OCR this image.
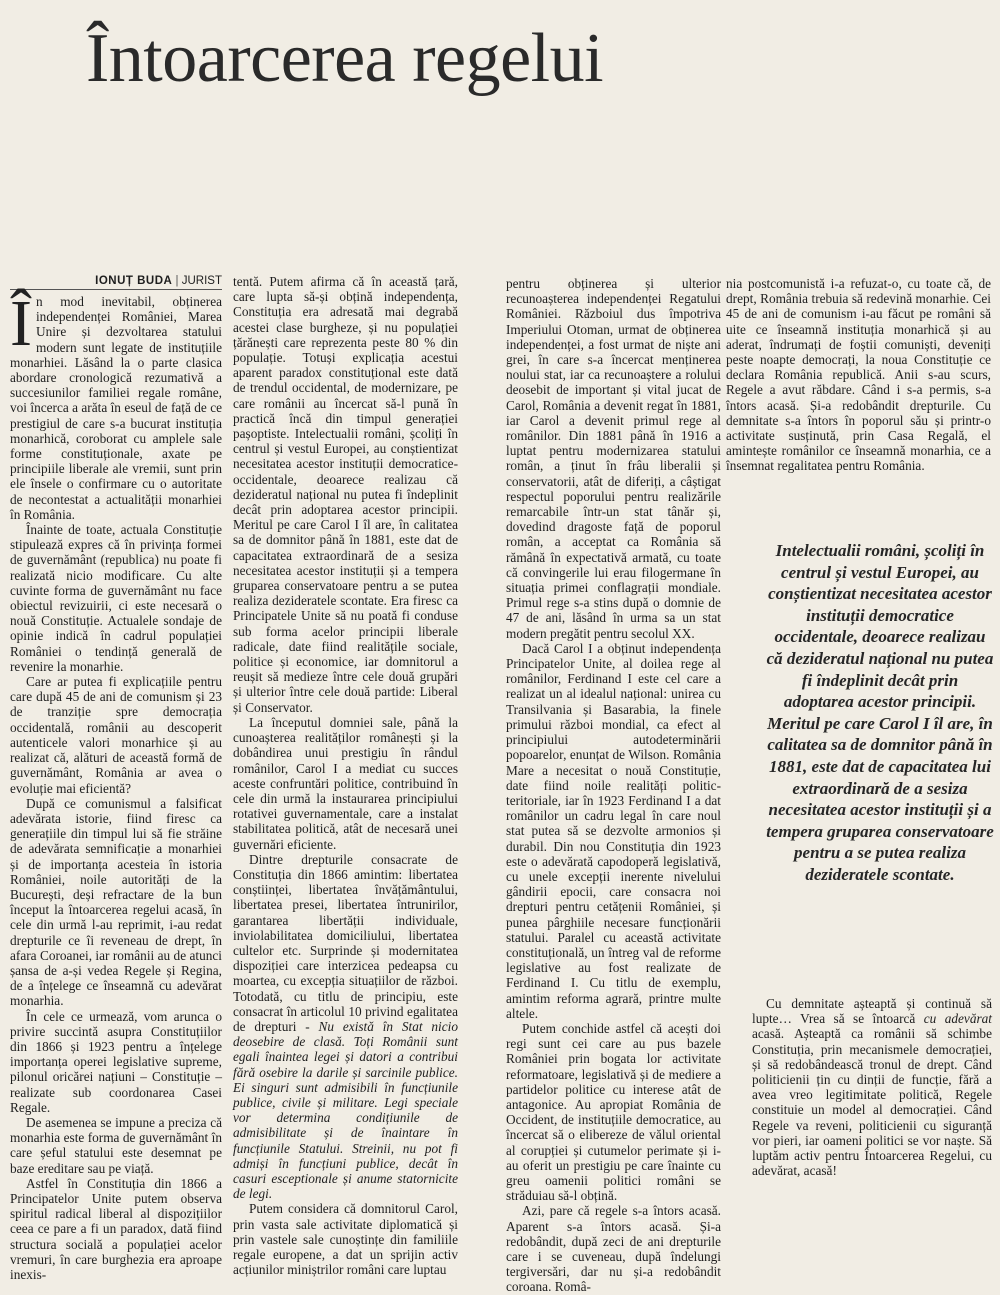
Întoarcerea regelui
IONUȚ BUDA | JURIST

În mod inevitabil, obținerea independenței României, Marea Unire și dezvoltarea statului modern sunt legate de instituțiile monarhiei. Lăsând la o parte clasica abordare cronologică rezumativă a succesiunilor familiei regale române, voi încerca a arăta în eseul de față de ce prestigiul de care s-a bucurat instituția monarhică, coroborat cu amplele sale forme constituționale, axate pe principiile liberale ale vremii, sunt prin ele însele o confirmare cu o autoritate de necontestat a actualității monarhiei în România.

Înainte de toate, actuala Constituție stipulează expres că în privința formei de guvernământ (republica) nu poate fi realizată nicio modificare. Cu alte cuvinte forma de guvernământ nu face obiectul revizuirii, ci este necesară o nouă Constituție. Actualele sondaje de opinie indică în cadrul populației României o tendință generală de revenire la monarhie.

Care ar putea fi explicațiile pentru care după 45 de ani de comunism și 23 de tranziție spre democrația occidentală, românii au descoperit autenticele valori monarhice și au realizat că, alături de această formă de guvernământ, România ar avea o evoluție mai eficientă?

După ce comunismul a falsificat adevărata istorie, fiind firesc ca generațiile din timpul lui să fie străine de adevărata semnificație a monarhiei și de importanța acesteia în istoria României, noile autorități de la București, deși refractare de la bun început la întoarcerea regelui acasă, în cele din urmă l-au reprimit, i-au redat drepturile ce îi reveneau de drept, în afara Coroanei, iar românii au de atunci șansa de a-și vedea Regele și Regina, de a înțelege ce înseamnă cu adevărat monarhia.

În cele ce urmează, vom arunca o privire succintă asupra Constituțiilor din 1866 și 1923 pentru a înțelege importanța operei legislative supreme, pilonul oricărei națiuni – Constituție – realizate sub coordonarea Casei Regale.

De asemenea se impune a preciza că monarhia este forma de guvernământ în care șeful statului este desemnat pe baze ereditare sau pe viață.

Astfel în Constituția din 1866 a Principatelor Unite putem observa spiritul radical liberal al dispozițiilor ceea ce pare a fi un paradox, dată fiind structura socială a populației acelor vremuri, în care burghezia era aproape inexis-

tentă. Putem afirma că în această țară, care lupta să-și obțină independența, Constituția era adresată mai degrabă acestei clase burgheze, și nu populației țărănești care reprezenta peste 80 % din populație. Totuși explicația acestui aparent paradox constituțional este dată de trendul occidental, de modernizare, pe care românii au încercat să-l pună în practică încă din timpul generației pașoptiste. Intelectualii români, școliți în centrul și vestul Europei, au conștientizat necesitatea acestor instituții democratice-occidentale, deoarece realizau că dezideratul național nu putea fi îndeplinit decât prin adoptarea acestor principii. Meritul pe care Carol I îl are, în calitatea sa de domnitor până în 1881, este dat de capacitatea extraordinară de a sesiza necesitatea acestor instituții și a tempera gruparea conservatoare pentru a se putea realiza dezideratele scontate. Era firesc ca Principatele Unite să nu poată fi conduse sub forma acelor principii liberale radicale, date fiind realitățile sociale, politice și economice, iar domnitorul a reușit să medieze între cele două grupări și ulterior între cele două partide: Liberal și Conservator.

La începutul domniei sale, până la cunoașterea realităților românești și la dobândirea unui prestigiu în rândul românilor, Carol I a mediat cu succes aceste confruntări politice, contribuind în cele din urmă la instaurarea principiului rotativei guvernamentale, care a instalat stabilitatea politică, atât de necesară unei guvernări eficiente.

Dintre drepturile consacrate de Constituția din 1866 amintim: libertatea conștiinței, libertatea învățământului, libertatea presei, libertatea întrunirilor, garantarea libertății individuale, inviolabilitatea domiciliului, libertatea cultelor etc. Surprinde și modernitatea dispoziției care interzicea pedeapsa cu moartea, cu excepția situațiilor de război. Totodată, cu titlu de principiu, este consacrat în articolul 10 privind egalitatea de drepturi - Nu există în Stat nicio deosebire de clasă. Toți Românii sunt egali înaintea legei și datori a contribui fără osebire la darile și sarcinile publice. Ei singuri sunt admisibili în funcțiunile publice, civile și militare. Legi speciale vor determina condițiunile de admisibilitate și de înaintare în funcțiunile Statului. Streinii, nu pot fi admiși în funcțiuni publice, decât în casuri esceptionale și anume statornicite de legi.

Putem considera că domnitorul Carol, prin vasta sale activitate diplomatică și prin vastele sale cunoștințe din familiile regale europene, a dat un sprijin activ acțiunilor miniștrilor români care luptau

pentru obținerea și ulterior recunoașterea independenței Regatului României. Războiul dus împotriva Imperiului Otoman, urmat de obținerea independenței, a fost urmat de niște ani grei, în care s-a încercat menținerea noului stat, iar ca recunoaștere a rolului deosebit de important și vital jucat de Carol, România a devenit regat în 1881, iar Carol a devenit primul rege al românilor. Din 1881 până în 1916 a luptat pentru modernizarea statului român, a ținut în frâu liberalii și conservatorii, atât de diferiți, a câștigat respectul poporului pentru realizările remarcabile într-un stat tânăr și, dovedind dragoste față de poporul român, a acceptat ca România să rămână în expectativă armată, cu toate că convingerile lui erau filogermane în situația primei conflagrații mondiale. Primul rege s-a stins după o domnie de 47 de ani, lăsând în urma sa un stat modern pregătit pentru secolul XX.

Dacă Carol I a obținut independența Principatelor Unite, al doilea rege al românilor, Ferdinand I este cel care a realizat un al idealul național: unirea cu Transilvania și Basarabia, la finele primului război mondial, ca efect al principiului autodeterminării popoarelor, enunțat de Wilson. România Mare a necesitat o nouă Constituție, date fiind noile realități politic-teritoriale, iar în 1923 Ferdinand I a dat românilor un cadru legal în care noul stat putea să se dezvolte armonios și durabil. Din nou Constituția din 1923 este o adevărată capodoperă legislativă, cu unele excepții inerente nivelului gândirii epocii, care consacra noi drepturi pentru cetățenii României, și punea pârghiile necesare funcționării statului. Paralel cu această activitate constituțională, un întreg val de reforme legislative au fost realizate de Ferdinand I. Cu titlu de exemplu, amintim reforma agrară, printre multe altele.

Putem conchide astfel că acești doi regi sunt cei care au pus bazele României prin bogata lor activitate reformatoare, legislativă și de mediere a partidelor politice cu interese atât de antagonice. Au apropiat România de Occident, de instituțiile democratice, au încercat să o elibereze de vălul oriental al corupției și cutumelor perimate și i-au oferit un prestigiu pe care înainte cu greu oamenii politici români se străduiau să-l obțină.

Azi, pare că regele s-a întors acasă. Aparent s-a întors acasă. Și-a redobândit, după zeci de ani drepturile care i se cuveneau, după îndelungi tergiversări, dar nu și-a redobândit coroana. Româ-

nia postcomunistă i-a refuzat-o, cu toate că, de drept, România trebuia să redevină monarhie. Cei 45 de ani de comunism i-au făcut pe români să uite ce înseamnă instituția monarhică și au aderat, îndrumați de foștii comuniști, deveniți peste noapte democrați, la noua Constituție ce declara România republică. Anii s-au scurs, Regele a avut răbdare. Când i s-a permis, s-a întors acasă. Și-a redobândit drepturile. Cu demnitate s-a întors în poporul său și printr-o activitate susținută, prin Casa Regală, el amintește românilor ce înseamnă monarhia, ce a însemnat regalitatea pentru România.

Intelectualii români, școliți în centrul și vestul Europei, au conștientizat necesitatea acestor instituții democratice occidentale, deoarece realizau că dezideratul național nu putea fi îndeplinit decât prin adoptarea acestor principii. Meritul pe care Carol I îl are, în calitatea sa de domnitor până în 1881, este dat de capacitatea lui extraordinară de a sesiza necesitatea acestor instituții și a tempera gruparea conservatoare pentru a se putea realiza dezideratele scontate.

Cu demnitate așteaptă și continuă să lupte… Vrea să se întoarcă cu adevărat acasă. Așteaptă ca românii să schimbe Constituția, prin mecanismele democrației, și să redobândească tronul de drept. Când politicienii țin cu dinții de funcție, fără a avea vreo legitimitate politică, Regele constituie un model al democrației. Când Regele va reveni, politicienii cu siguranță vor pieri, iar oameni politici se vor naște. Să luptăm activ pentru Întoarcerea Regelui, cu adevărat, acasă!
